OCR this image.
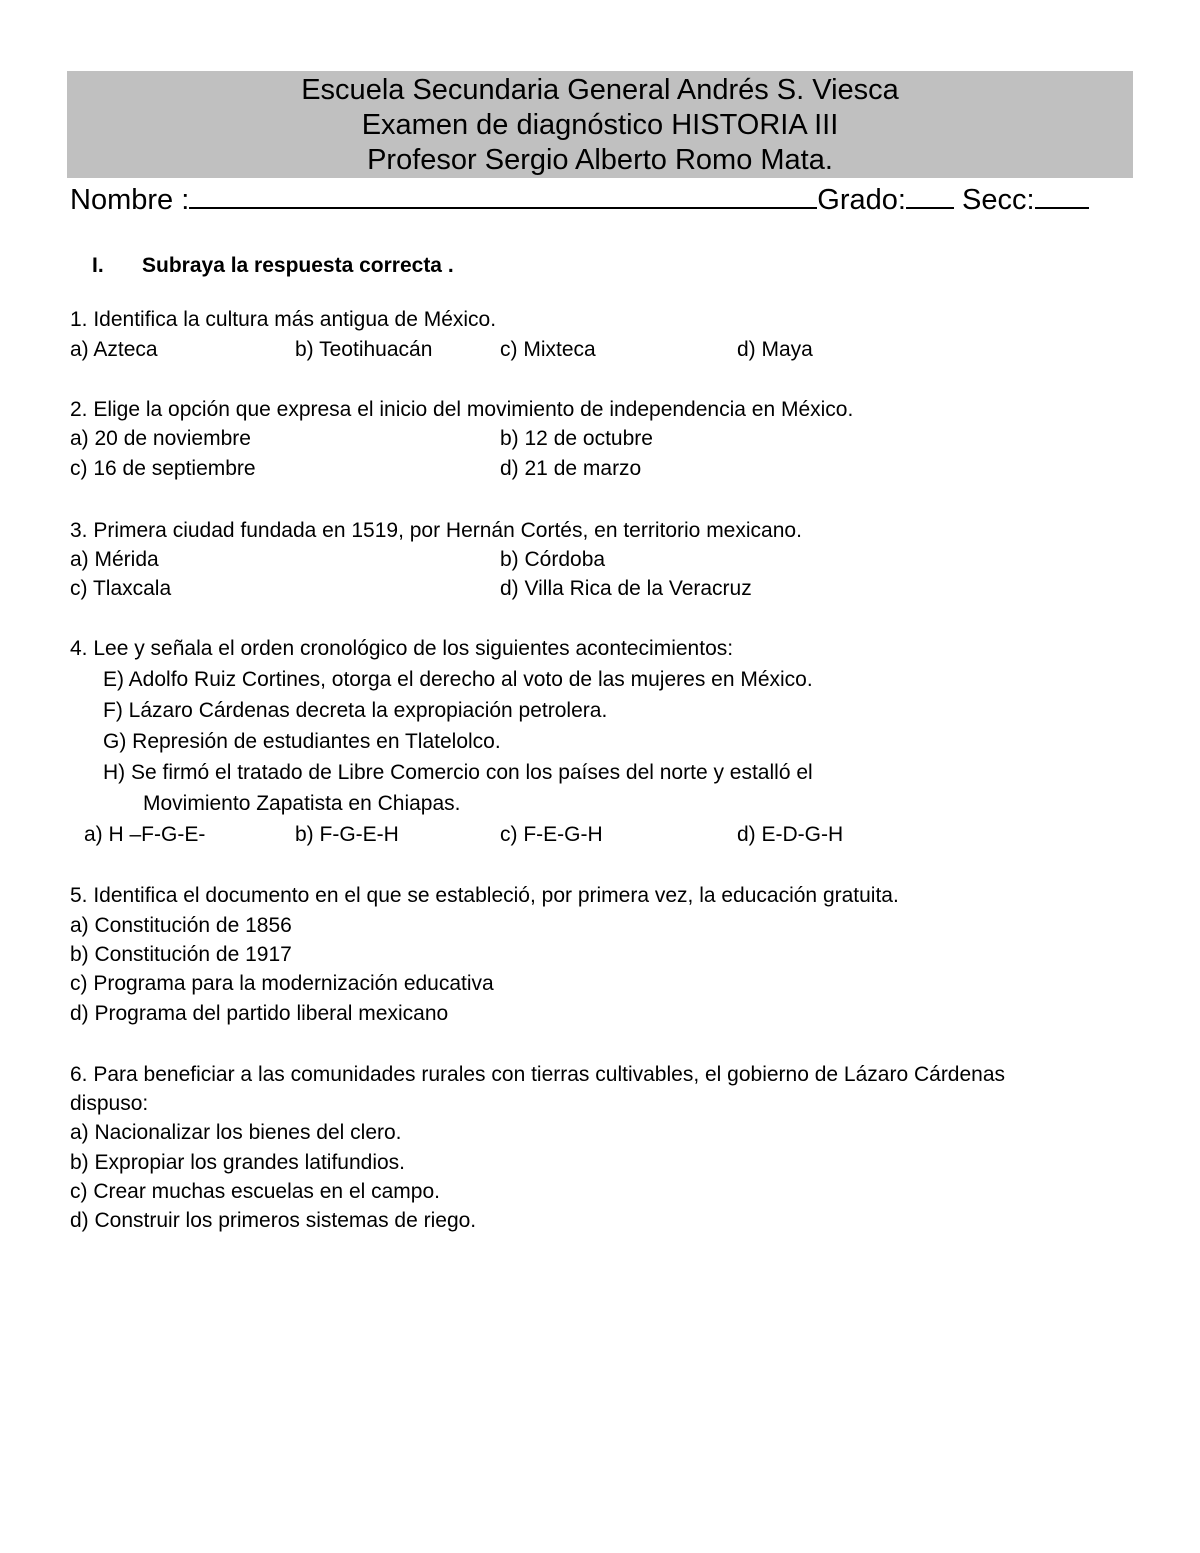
Escuela Secundaria General Andrés S. Viesca
Examen de diagnóstico HISTORIA III
Profesor Sergio Alberto Romo Mata.
Nombre :	Grado: Secc:
I. Subraya la respuesta correcta .
1. Identifica la cultura más antigua de México.
a) Azteca	b) Teotihuacán	c) Mixteca	d) Maya
2. Elige la opción que expresa el inicio del movimiento de independencia en México.
a) 20 de noviembre	b) 12 de octubre
c) 16 de septiembre	d) 21 de marzo
3. Primera ciudad fundada en 1519, por Hernán Cortés, en territorio mexicano.
a) Mérida	b) Córdoba
c) Tlaxcala	d) Villa Rica de la Veracruz
4. Lee y señala el orden cronológico de los siguientes acontecimientos:
E) Adolfo Ruiz Cortines, otorga el derecho al voto de las mujeres en México.
F) Lázaro Cárdenas decreta la expropiación petrolera.
G) Represión de estudiantes en Tlatelolco.
H) Se firmó el tratado de Libre Comercio con los países del norte y estalló el
Movimiento Zapatista en Chiapas.
a) H –F-G-E-	b) F-G-E-H	c) F-E-G-H	d) E-D-G-H
5. Identifica el documento en el que se estableció, por primera vez, la educación gratuita.
a) Constitución de 1856
b) Constitución de 1917
c) Programa para la modernización educativa
d) Programa del partido liberal mexicano
6. Para beneficiar a las comunidades rurales con tierras cultivables, el gobierno de Lázaro Cárdenas
dispuso:
a) Nacionalizar los bienes del clero.
b) Expropiar los grandes latifundios.
c) Crear muchas escuelas en el campo.
d) Construir los primeros sistemas de riego.
